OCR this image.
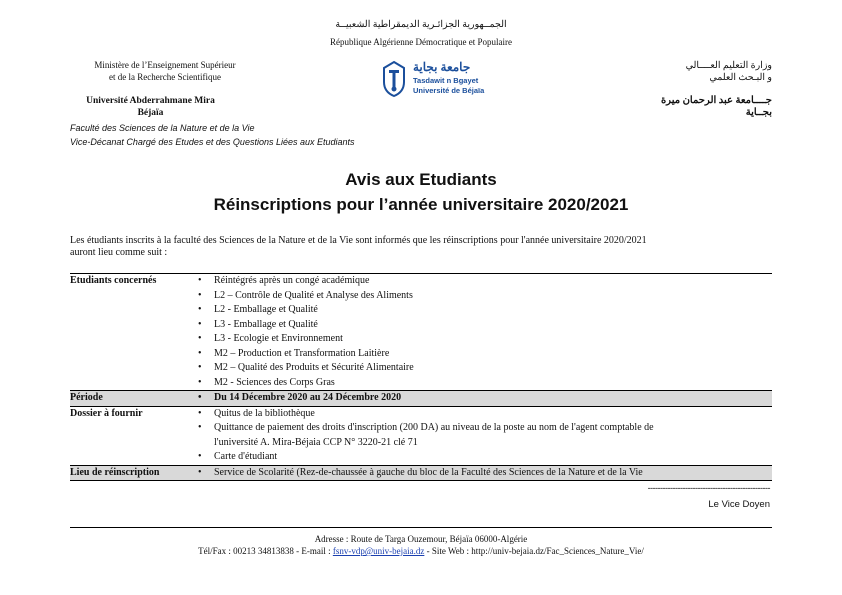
الجمــهورية الجزائـرية الديمقراطية الشعبيــة
République Algérienne Démocratique et Populaire
Ministère de l’Enseignement Supérieur
et de la Recherche Scientifique
وزارة التعليم العــــالي
و البـحث العلمي
جامعة بجاية
Tasdawit n Bgayet
Université de Béjaïa
Université Abderrahmane Mira
Béjaïa
جــــامعة عبد الرحمان ميرة
بجــاية
Faculté des Sciences de la Nature et de la Vie
Vice-Décanat Chargé des Etudes et des Questions Liées aux Etudiants
Avis aux Etudiants
Réinscriptions pour l’année universitaire 2020/2021
Les étudiants inscrits à la faculté des Sciences de la Nature et de la Vie sont informés que les réinscriptions pour l'année universitaire 2020/2021
auront lieu comme suit :
Etudiants concernés	• Réintégrés après un congé académique
• L2 – Contrôle de Qualité et Analyse des Aliments
• L2 - Emballage et Qualité
• L3 - Emballage et Qualité
• L3 - Ecologie et Environnement
• M2 – Production et Transformation Laitière
• M2 – Qualité des Produits et Sécurité Alimentaire
• M2 - Sciences des Corps Gras
Période	• Du 14 Décembre 2020 au 24 Décembre 2020
Dossier à fournir	• Quitus de la bibliothèque
• Quittance de paiement des droits d'inscription (200 DA) au niveau de la poste au nom de l'agent comptable de
l'université A. Mira-Béjaia CCP N° 3220-21 clé 71
• Carte d'étudiant
Lieu de réinscription	• Service de Scolarité (Rez-de-chaussée à gauche du bloc de la Faculté des Sciences de la Nature et de la Vie
-------------------------------------------------
Le Vice Doyen
Adresse : Route de Targa Ouzemour, Béjaïa 06000-Algérie
Tél/Fax : 00213 34813838 - E-mail : fsnv-vdp@univ-bejaia.dz - Site Web : http://univ-bejaia.dz/Fac_Sciences_Nature_Vie/
